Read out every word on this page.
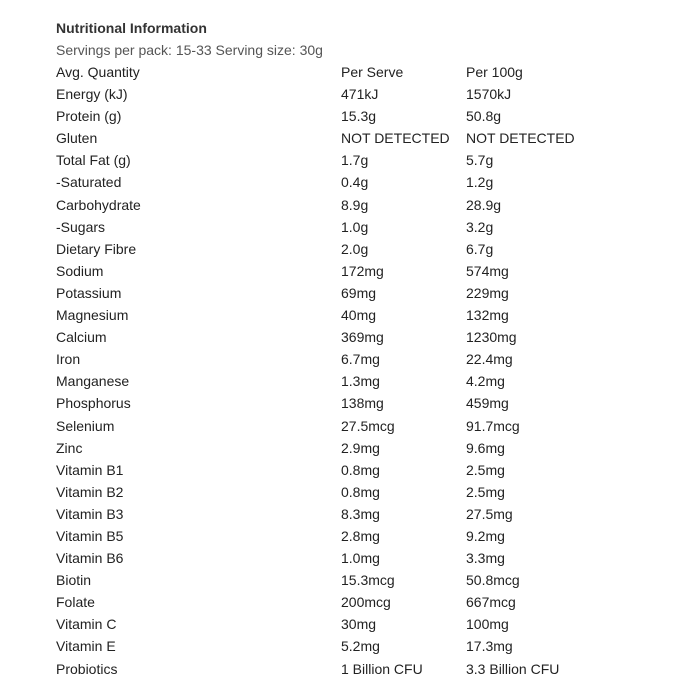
Nutritional Information
Servings per pack: 15-33 Serving size: 30g
Avg. Quantity	Per Serve	Per 100g
Energy (kJ)	471kJ	1570kJ
Protein (g)	15.3g	50.8g
Gluten	NOT DETECTED	NOT DETECTED
Total Fat (g)	1.7g	5.7g
-Saturated	0.4g	1.2g
Carbohydrate	8.9g	28.9g
-Sugars	1.0g	3.2g
Dietary Fibre	2.0g	6.7g
Sodium	172mg	574mg
Potassium	69mg	229mg
Magnesium	40mg	132mg
Calcium	369mg	1230mg
Iron	6.7mg	22.4mg
Manganese	1.3mg	4.2mg
Phosphorus	138mg	459mg
Selenium	27.5mcg	91.7mcg
Zinc	2.9mg	9.6mg
Vitamin B1	0.8mg	2.5mg
Vitamin B2	0.8mg	2.5mg
Vitamin B3	8.3mg	27.5mg
Vitamin B5	2.8mg	9.2mg
Vitamin B6	1.0mg	3.3mg
Biotin	15.3mcg	50.8mcg
Folate	200mcg	667mcg
Vitamin C	30mg	100mg
Vitamin E	5.2mg	17.3mg
Probiotics	1 Billion CFU	3.3 Billion CFU
